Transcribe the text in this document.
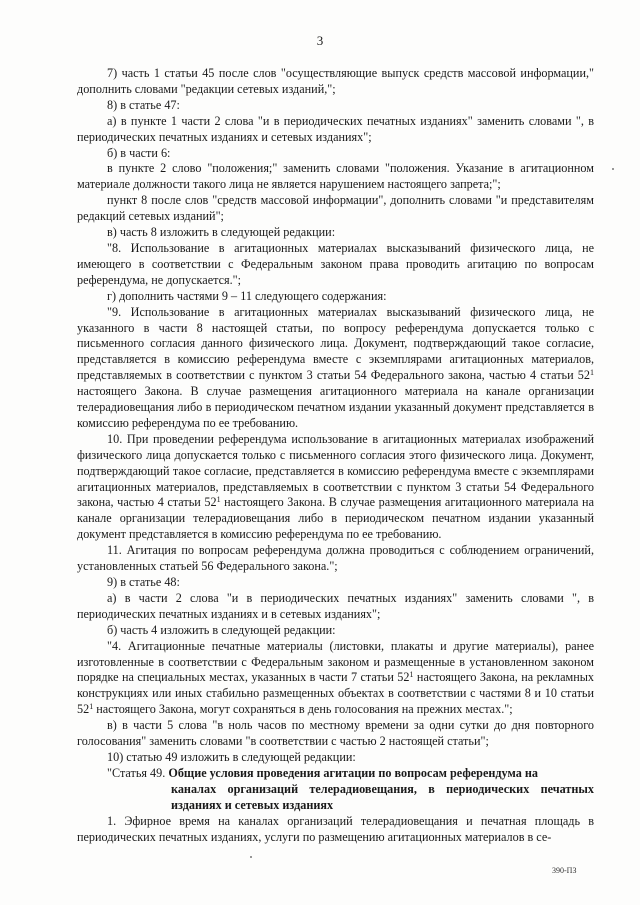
3

7) часть 1 статьи 45 после слов "осуществляющие выпуск средств массовой информации," дополнить словами "редакции сетевых изданий,";

8) в статье 47:

а) в пункте 1 части 2 слова "и в периодических печатных изданиях" заменить словами ", в периодических печатных изданиях и сетевых изданиях";

б) в части 6:

в пункте 2 слово "положения;" заменить словами "положения. Указание в агитационном материале должности такого лица не является нарушением настоящего запрета;";

пункт 8 после слов "средств массовой информации", дополнить словами "и представителям редакций сетевых изданий";

в) часть 8 изложить в следующей редакции:

"8. Использование в агитационных материалах высказываний физического лица, не имеющего в соответствии с Федеральным законом права проводить агитацию по вопросам референдума, не допускается.";

г) дополнить частями 9 – 11 следующего содержания:

"9. Использование в агитационных материалах высказываний физического лица, не указанного в части 8 настоящей статьи, по вопросу референдума допускается только с письменного согласия данного физического лица. Документ, подтверждающий такое согласие, представляется в комиссию референдума вместе с экземплярами агитационных материалов, представляемых в соответствии с пунктом 3 статьи 54 Федерального закона, частью 4 статьи $52^1$ настоящего Закона. В случае размещения агитационного материала на канале организации телерадиовещания либо в периодическом печатном издании указанный документ представляется в комиссию референдума по ее требованию.

10. При проведении референдума использование в агитационных материалах изображений физического лица допускается только с письменного согласия этого физического лица. Документ, подтверждающий такое согласие, представляется в комиссию референдума вместе с экземплярами агитационных материалов, представляемых в соответствии с пунктом 3 статьи 54 Федерального закона, частью 4 статьи $52^1$ настоящего Закона. В случае размещения агитационного материала на канале организации телерадиовещания либо в периодическом печатном издании указанный документ представляется в комиссию референдума по ее требованию.

11. Агитация по вопросам референдума должна проводиться с соблюдением ограничений, установленных статьей 56 Федерального закона.";

9) в статье 48:

а) в части 2 слова "и в периодических печатных изданиях" заменить словами ", в периодических печатных изданиях и в сетевых изданиях";

б) часть 4 изложить в следующей редакции:

"4. Агитационные печатные материалы (листовки, плакаты и другие материалы), ранее изготовленные в соответствии с Федеральным законом и размещенные в установленном законом порядке на специальных местах, указанных в части 7 статьи $52^1$ настоящего Закона, на рекламных конструкциях или иных стабильно размещенных объектах в соответствии с частями 8 и 10 статьи $52^1$ настоящего Закона, могут сохраняться в день голосования на прежних местах.";

в) в части 5 слова "в ноль часов по местному времени за одни сутки до дня повторного голосования" заменить словами "в соответствии с частью 2 настоящей статьи";

10) статью 49 изложить в следующей редакции:

"Статья 49. Общие условия проведения агитации по вопросам референдума на
каналах организаций телерадиовещания, в периодических печатных изданиях и сетевых изданиях

1. Эфирное время на каналах организаций телерадиовещания и печатная площадь в периодических печатных изданиях, услуги по размещению агитационных материалов в се-

390-ПЗ
